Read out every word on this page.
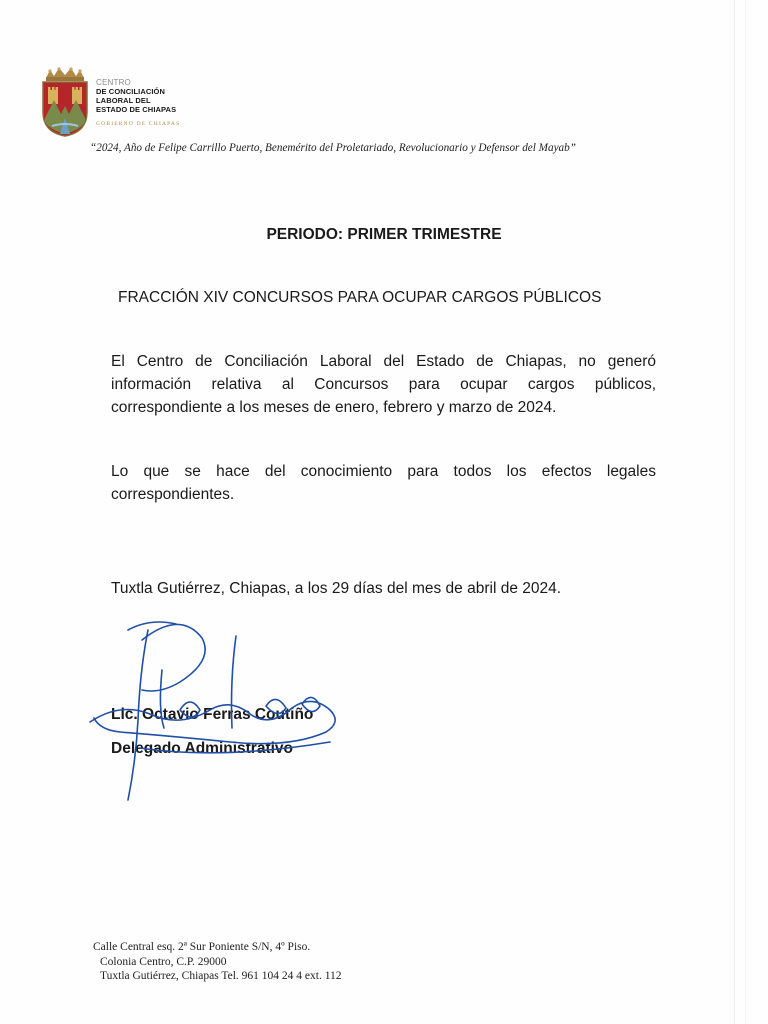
CENTRO
DE CONCILIACIÓN
LABORAL DEL
ESTADO DE CHIAPAS
GOBIERNO DE CHIAPAS
“2024, Año de Felipe Carrillo Puerto, Benemérito del Proletariado, Revolucionario y Defensor del Mayab”
PERIODO: PRIMER TRIMESTRE
FRACCIÓN XIV CONCURSOS PARA OCUPAR CARGOS PÚBLICOS
El Centro de Conciliación Laboral del Estado de Chiapas, no generó
información relativa al Concursos para ocupar cargos públicos,
correspondiente a los meses de enero, febrero y marzo de 2024.
Lo que se hace del conocimiento para todos los efectos legales
correspondientes.
Tuxtla Gutiérrez, Chiapas, a los 29 días del mes de abril de 2024.
Lic. Octavio Ferras Coutiño
Delegado Administrativo
Calle Central esq. 2ª Sur Poniente S/N, 4º Piso.
Colonia Centro, C.P. 29000
Tuxtla Gutiérrez, Chiapas Tel. 961 104 24 4 ext. 112
